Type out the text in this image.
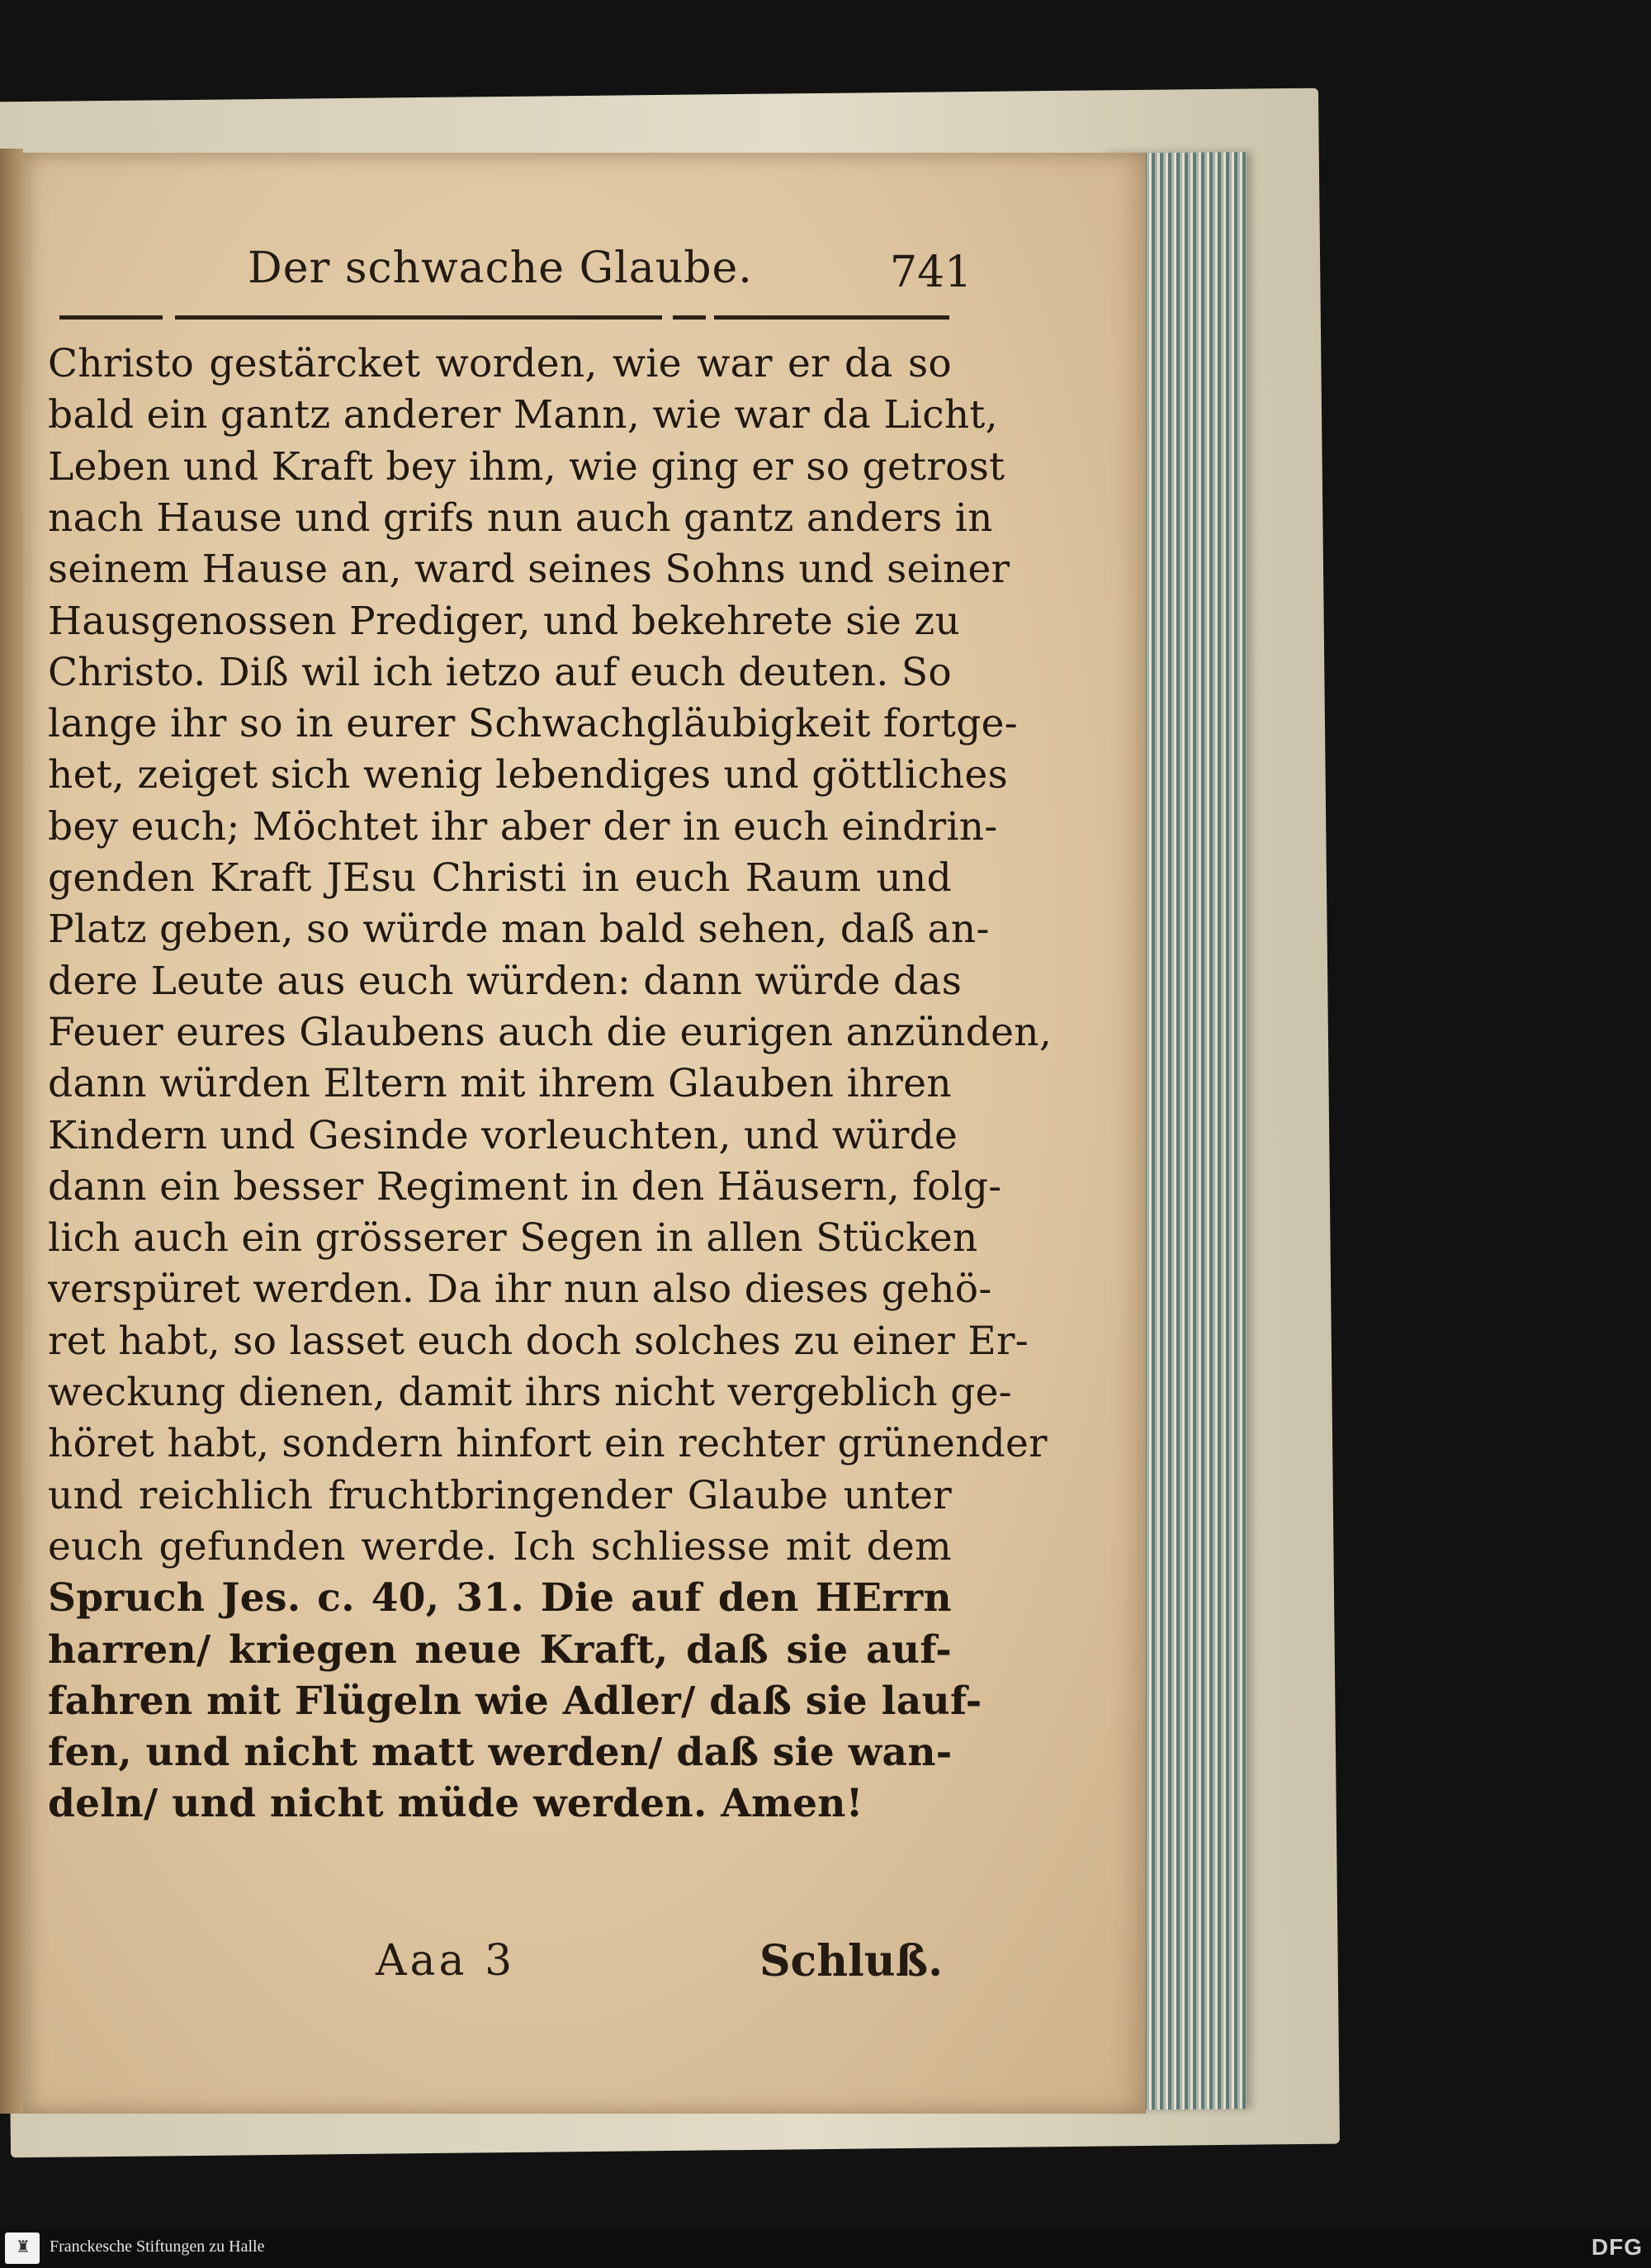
Der schwache Glaube.	741
Christo gestärcket worden, wie war er da so
bald ein gantz anderer Mann, wie war da Licht,
Leben und Kraft bey ihm, wie ging er so getrost
nach Hause und grifs nun auch gantz anders in
seinem Hause an, ward seines Sohns und seiner
Hausgenossen Prediger, und bekehrete sie zu
Christo. Diß wil ich ietzo auf euch deuten. So
lange ihr so in eurer Schwachgläubigkeit fortge-
het, zeiget sich wenig lebendiges und göttliches
bey euch; Möchtet ihr aber der in euch eindrin-
genden Kraft JEsu Christi in euch Raum und
Platz geben, so würde man bald sehen, daß an-
dere Leute aus euch würden: dann würde das
Feuer eures Glaubens auch die eurigen anzünden,
dann würden Eltern mit ihrem Glauben ihren
Kindern und Gesinde vorleuchten, und würde
dann ein besser Regiment in den Häusern, folg-
lich auch ein grösserer Segen in allen Stücken
verspüret werden. Da ihr nun also dieses gehö-
ret habt, so lasset euch doch solches zu einer Er-
weckung dienen, damit ihrs nicht vergeblich ge-
höret habt, sondern hinfort ein rechter grünender
und reichlich fruchtbringender Glaube unter
euch gefunden werde. Ich schliesse mit dem
Spruch Jes. c. 40, 31. Die auf den HErrn
harren/ kriegen neue Kraft, daß sie auf-
fahren mit Flügeln wie Adler/ daß sie lauf-
fen, und nicht matt werden/ daß sie wan-
deln/ und nicht müde werden. Amen!
Aaa 3	Schluß.
♜ Franckesche Stiftungen zu Halle	DFG
